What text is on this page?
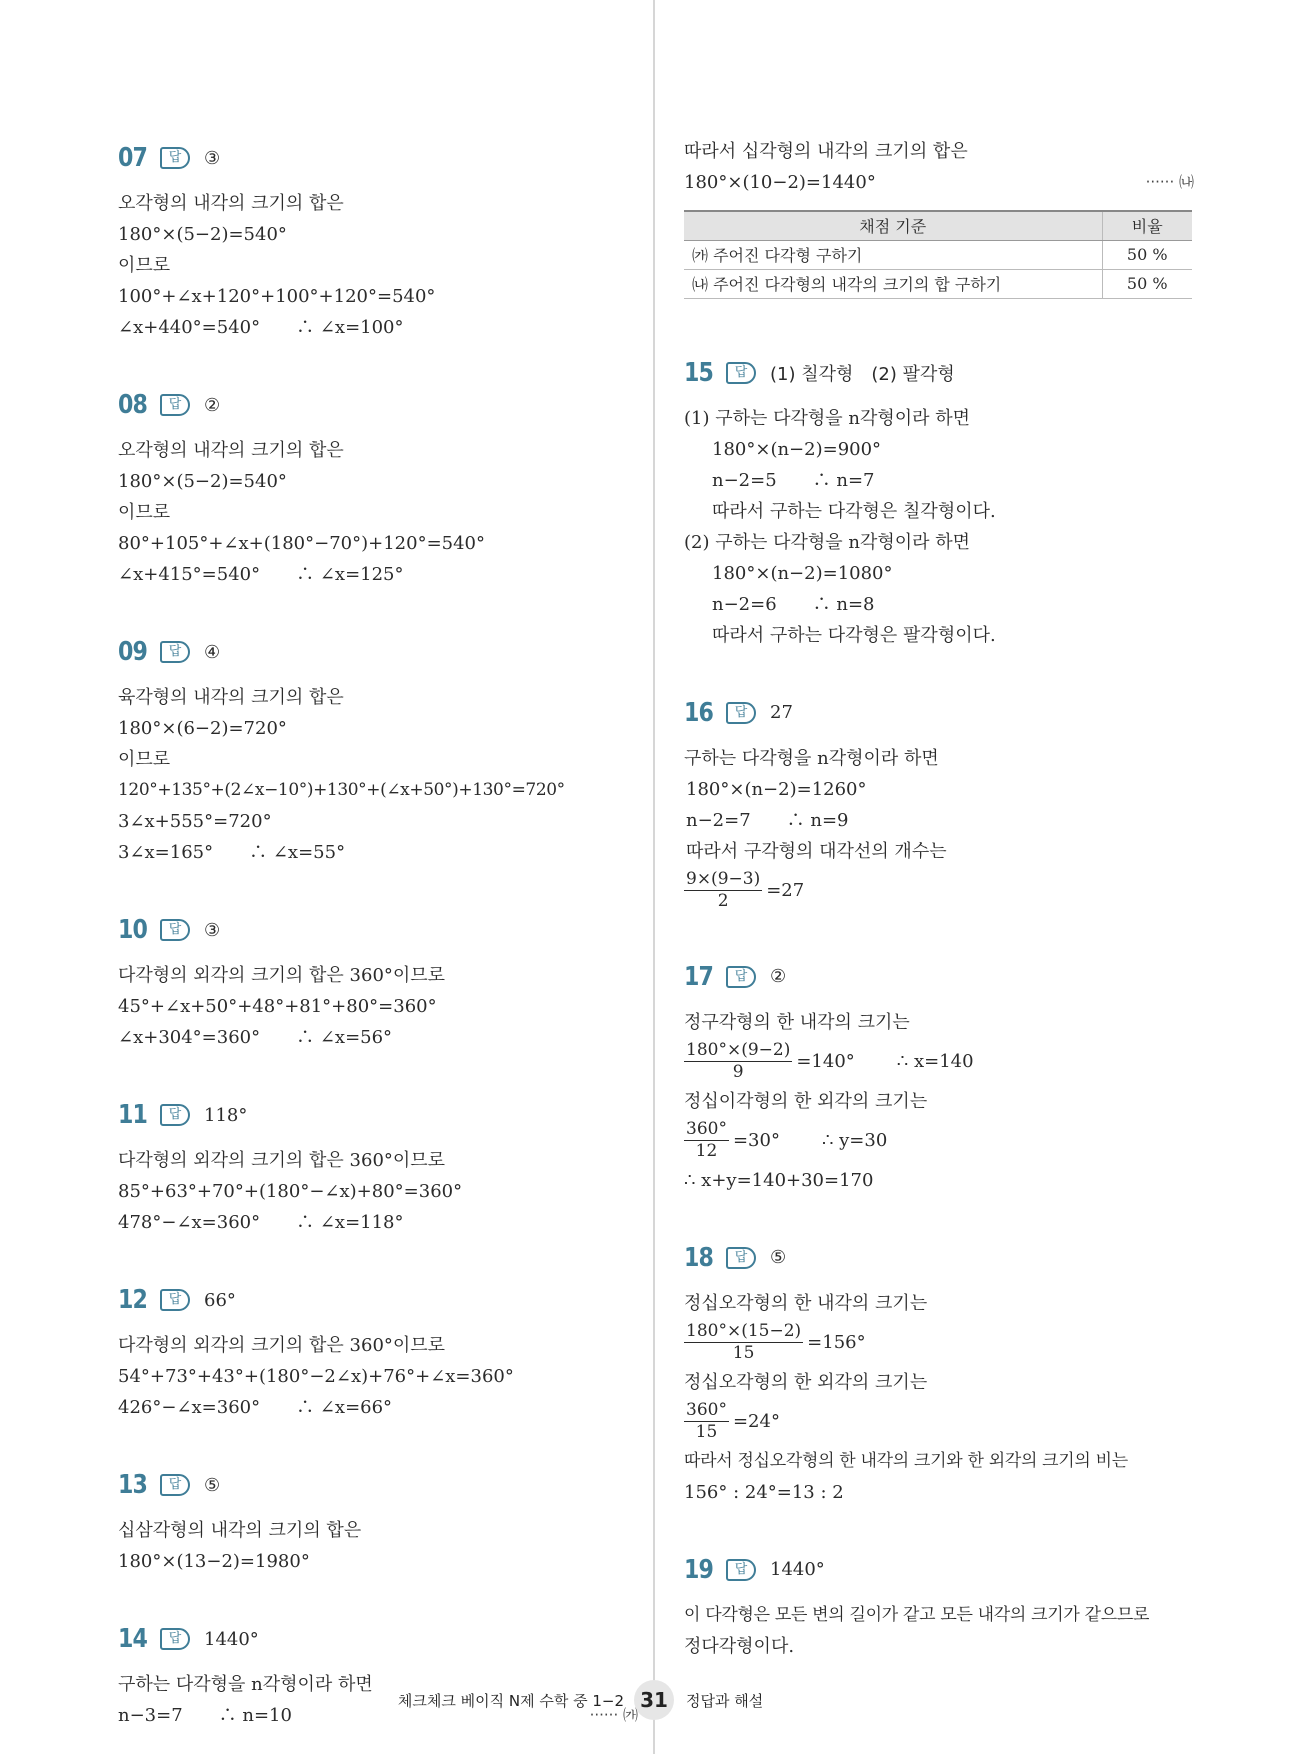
07	답	③
오각형의 내각의 크기의 합은
180°×(5−2)=540°
이므로
100°+∠x+120°+100°+120°=540°
∠x+440°=540°　　∴ ∠x=100°
08	답	②
오각형의 내각의 크기의 합은
180°×(5−2)=540°
이므로
80°+105°+∠x+(180°−70°)+120°=540°
∠x+415°=540°　　∴ ∠x=125°
09	답	④
육각형의 내각의 크기의 합은
180°×(6−2)=720°
이므로
120°+135°+(2∠x−10°)+130°+(∠x+50°)+130°=720°
3∠x+555°=720°
3∠x=165°　　∴ ∠x=55°
10	답	③
다각형의 외각의 크기의 합은 360°이므로
45°+∠x+50°+48°+81°+80°=360°
∠x+304°=360°　　∴ ∠x=56°
11	답	118°
다각형의 외각의 크기의 합은 360°이므로
85°+63°+70°+(180°−∠x)+80°=360°
478°−∠x=360°　　∴ ∠x=118°
12	답	66°
다각형의 외각의 크기의 합은 360°이므로
54°+73°+43°+(180°−2∠x)+76°+∠x=360°
426°−∠x=360°　　∴ ∠x=66°
13	답	⑤
십삼각형의 내각의 크기의 합은
180°×(13−2)=1980°
14	답	1440°
구하는 다각형을 n각형이라 하면
n−3=7　　∴ n=10	······ ㈎
따라서 십각형의 내각의 크기의 합은
180°×(10−2)=1440°	······ ㈏
채점 기준	비율
㈎ 주어진 다각형 구하기	50 %
㈏ 주어진 다각형의 내각의 크기의 합 구하기	50 %
15	답	(1) 칠각형　(2) 팔각형
(1) 구하는 다각형을 n각형이라 하면
180°×(n−2)=900°
n−2=5　　∴ n=7
따라서 구하는 다각형은 칠각형이다.
(2) 구하는 다각형을 n각형이라 하면
180°×(n−2)=1080°
n−2=6　　∴ n=8
따라서 구하는 다각형은 팔각형이다.
16	답	27
구하는 다각형을 n각형이라 하면
180°×(n−2)=1260°
n−2=7　　∴ n=9
따라서 구각형의 대각선의 개수는
$\frac{9\times(9-3)}{2} =27$
17	답	②
정구각형의 한 내각의 크기는
$\frac{180^\circ\times(9-2)}{9} =140^\circ$ ∴ x=140
정십이각형의 한 외각의 크기는
$\frac{360^\circ}{12} =30^\circ$ ∴ y=30
∴ x+y=140+30=170
18	답	⑤
정십오각형의 한 내각의 크기는
$\frac{180^\circ\times(15-2)}{15} =156^\circ$
정십오각형의 한 외각의 크기는
$\frac{360^\circ}{15} =24^\circ$
따라서 정십오각형의 한 내각의 크기와 한 외각의 크기의 비는
156° : 24°=13 : 2
19	답	1440°
이 다각형은 모든 변의 길이가 같고 모든 내각의 크기가 같으므로
정다각형이다.
체크체크 베이직 N제 수학 중 1−2 31	정답과 해설
